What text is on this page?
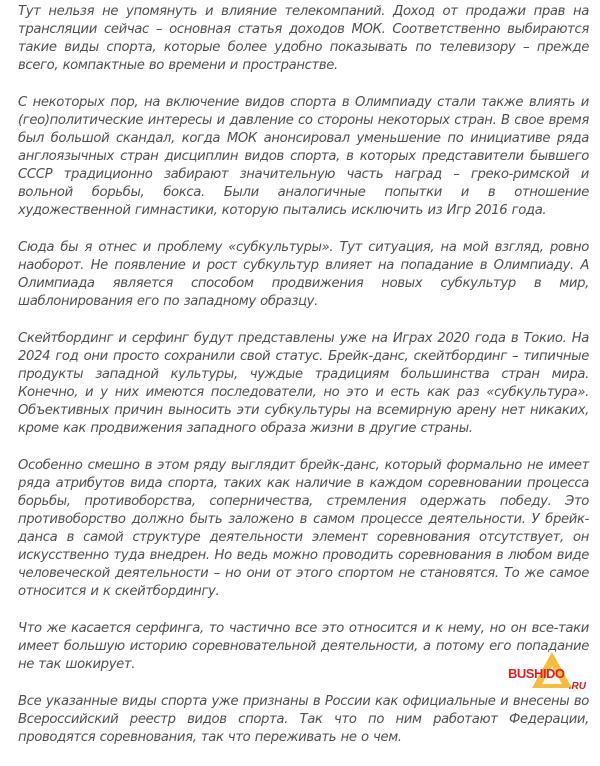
Тут нельзя не упомянуть и влияние телекомпаний. Доход от продажи прав на трансляции сейчас – основная статья доходов МОК. Соответственно выбираются такие виды спорта, которые более удобно показывать по телевизору – прежде всего, компактные во времени и пространстве.

С некоторых пор, на включение видов спорта в Олимпиаду стали также влиять и (гео)политические интересы и давление со стороны некоторых стран. В свое время был большой скандал, когда МОК анонсировал уменьшение по инициативе ряда англоязычных стран дисциплин видов спорта, в которых представители бывшего СССР традиционно забирают значительную часть наград – греко-римской и вольной борьбы, бокса. Были аналогичные попытки и в отношение художественной гимнастики, которую пытались исключить из Игр 2016 года.

Сюда бы я отнес и проблему «субкультуры». Тут ситуация, на мой взгляд, ровно наоборот. Не появление и рост субкультур влияет на попадание в Олимпиаду. А Олимпиада является способом продвижения новых субкультур в мир, шаблонирования его по западному образцу.

Скейтбординг и серфинг будут представлены уже на Играх 2020 года в Токио. На 2024 год они просто сохранили свой статус. Брейк-данс, скейтбординг – типичные продукты западной культуры, чуждые традициям большинства стран мира. Конечно, и у них имеются последователи, но это и есть как раз «субкультура». Объективных причин выносить эти субкультуры на всемирную арену нет никаких, кроме как продвижения западного образа жизни в другие страны.

Особенно смешно в этом ряду выглядит брейк-данс, который формально не имеет ряда атрибутов вида спорта, таких как наличие в каждом соревновании процесса борьбы, противоборства, соперничества, стремления одержать победу. Это противоборство должно быть заложено в самом процессе деятельности. У брейк-данса в самой структуре деятельности элемент соревнования отсутствует, он искусственно туда внедрен. Но ведь можно проводить соревнования в любом виде человеческой деятельности – но они от этого спортом не становятся. То же самое относится и к скейтбордингу.

Что же касается серфинга, то частично все это относится и к нему, но он все-таки имеет большую историю соревновательной деятельности, а потому его попадание не так шокирует.

Все указанные виды спорта уже признаны в России как официальные и внесены во Всероссийский реестр видов спорта. Так что по ним работают Федерации, проводятся соревнования, так что переживать не о чем.

BUSHIDO
.RU
